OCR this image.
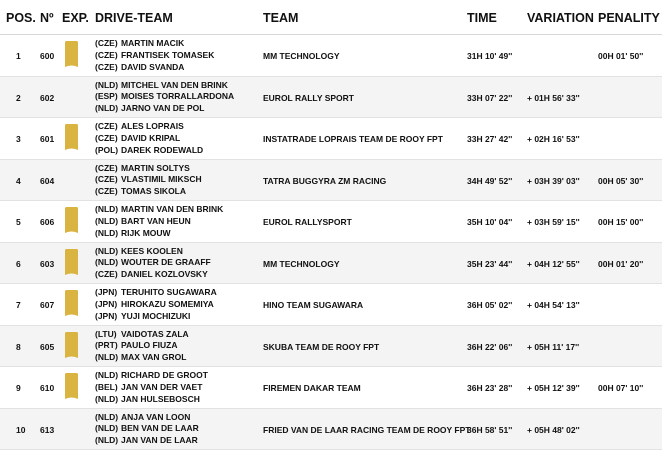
POS. Nº EXP. DRIVE-TEAM	TEAM	TIME VARIATION PENALITY
1 600
(CZE) MARTIN MACIK
(CZE) FRANTISEK TOMASEK
(CZE) DAVID SVANDA
MM TECHNOLOGY	31H 10' 49''	00H 01' 50''
2 602
(NLD) MITCHEL VAN DEN BRINK
(ESP) MOISES TORRALLARDONA
(NLD) JARNO VAN DE POL
EUROL RALLY SPORT	33H 07' 22'' + 01H 56' 33''
3 601
(CZE) ALES LOPRAIS
(CZE) DAVID KRIPAL
(POL) DAREK RODEWALD
INSTATRADE LOPRAIS TEAM DE ROOY FPT	33H 27' 42'' + 02H 16' 53''
4 604
(CZE) MARTIN SOLTYS
(CZE) VLASTIMIL MIKSCH
(CZE) TOMAS SIKOLA
TATRA BUGGYRA ZM RACING	34H 49' 52'' + 03H 39' 03'' 00H 05' 30''
5 606
(NLD) MARTIN VAN DEN BRINK
(NLD) BART VAN HEUN
(NLD) RIJK MOUW
EUROL RALLYSPORT	35H 10' 04'' + 03H 59' 15'' 00H 15' 00''
6 603
(NLD) KEES KOOLEN
(NLD) WOUTER DE GRAAFF
(CZE) DANIEL KOZLOVSKY
MM TECHNOLOGY	35H 23' 44'' + 04H 12' 55'' 00H 01' 20''
7 607
(JPN) TERUHITO SUGAWARA
(JPN) HIROKAZU SOMEMIYA
(JPN) YUJI MOCHIZUKI
HINO TEAM SUGAWARA	36H 05' 02'' + 04H 54' 13''
8 605
(LTU) VAIDOTAS ZALA
(PRT) PAULO FIUZA
(NLD) MAX VAN GROL
SKUBA TEAM DE ROOY FPT	36H 22' 06'' + 05H 11' 17''
9 610
(NLD) RICHARD DE GROOT
(BEL) JAN VAN DER VAET
(NLD) JAN HULSEBOSCH
FIREMEN DAKAR TEAM	36H 23' 28'' + 05H 12' 39'' 00H 07' 10''
10 613
(NLD) ANJA VAN LOON
(NLD) BEN VAN DE LAAR
(NLD) JAN VAN DE LAAR
FRIED VAN DE LAAR RACING TEAM DE ROOY FPT
36H 58' 51'' + 05H 48' 02''
